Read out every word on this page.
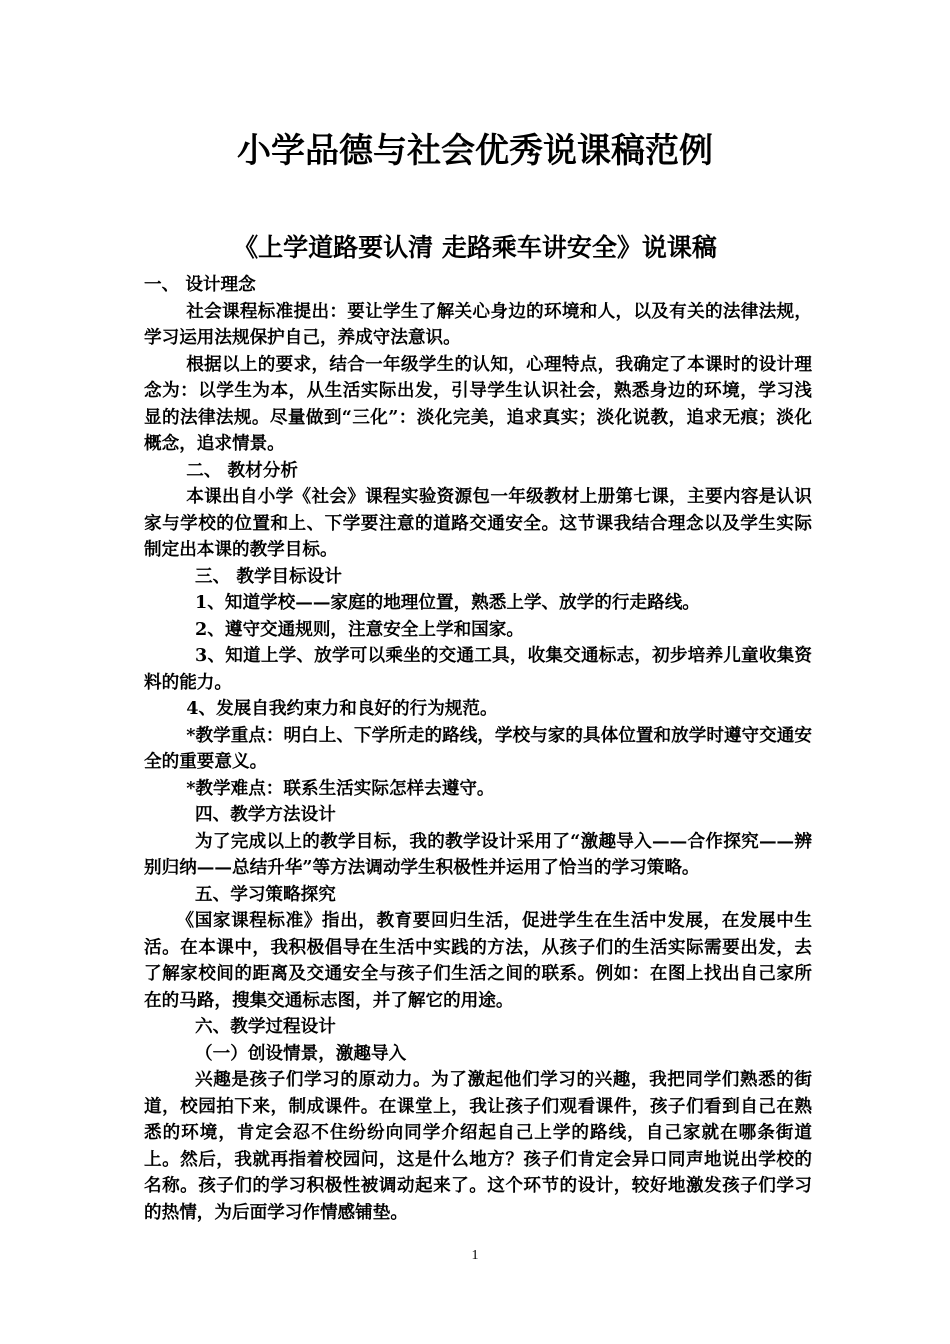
小学品德与社会优秀说课稿范例
《上学道路要认清 走路乘车讲安全》说课稿

一、 设计理念

社会课程标准提出：要让学生了解关心身边的环境和人，以及有关的法律法规，学习运用法规保护自己，养成守法意识。

根据以上的要求，结合一年级学生的认知，心理特点，我确定了本课时的设计理念为：以学生为本，从生活实际出发，引导学生认识社会，熟悉身边的环境，学习浅显的法律法规。尽量做到“三化”：淡化完美，追求真实；淡化说教，追求无痕；淡化概念，追求情景。

二、 教材分析

本课出自小学《社会》课程实验资源包一年级教材上册第七课，主要内容是认识家与学校的位置和上、下学要注意的道路交通安全。这节课我结合理念以及学生实际制定出本课的教学目标。

三、 教学目标设计

1、知道学校——家庭的地理位置，熟悉上学、放学的行走路线。

2、遵守交通规则，注意安全上学和国家。

3、知道上学、放学可以乘坐的交通工具，收集交通标志，初步培养儿童收集资料的能力。

4、发展自我约束力和良好的行为规范。

*教学重点：明白上、下学所走的路线，学校与家的具体位置和放学时遵守交通安全的重要意义。

*教学难点：联系生活实际怎样去遵守。

四、教学方法设计

为了完成以上的教学目标，我的教学设计采用了“激趣导入——合作探究——辨别归纳——总结升华”等方法调动学生积极性并运用了恰当的学习策略。

五、学习策略探究

《国家课程标准》指出，教育要回归生活，促进学生在生活中发展，在发展中生活。在本课中，我积极倡导在生活中实践的方法，从孩子们的生活实际需要出发，去了解家校间的距离及交通安全与孩子们生活之间的联系。例如：在图上找出自己家所在的马路，搜集交通标志图，并了解它的用途。

六、教学过程设计

（一）创设情景，激趣导入

兴趣是孩子们学习的原动力。为了激起他们学习的兴趣，我把同学们熟悉的街道，校园拍下来，制成课件。在课堂上，我让孩子们观看课件，孩子们看到自己在熟悉的环境，肯定会忍不住纷纷向同学介绍起自己上学的路线，自己家就在哪条街道上。然后，我就再指着校园问，这是什么地方？孩子们肯定会异口同声地说出学校的名称。孩子们的学习积极性被调动起来了。这个环节的设计，较好地激发孩子们学习的热情，为后面学习作情感铺垫。

1
